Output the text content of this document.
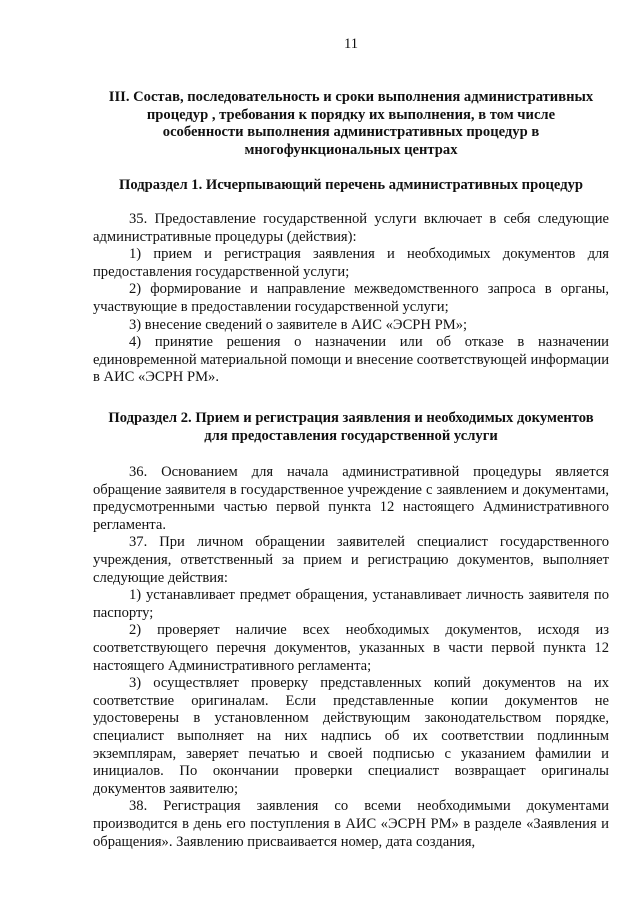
11
III. Состав, последовательность и сроки выполнения административных
процедур , требования к порядку их выполнения, в том числе
особенности выполнения административных процедур в
многофункциональных центрах
Подраздел 1. Исчерпывающий перечень административных процедур

35. Предоставление государственной услуги включает в себя следующие административные процедуры (действия):

1) прием и регистрация заявления и необходимых документов для предоставления государственной услуги;

2) формирование и направление межведомственного запроса в органы, участвующие в предоставлении государственной услуги;

3) внесение сведений о заявителе в АИС «ЭСРН РМ»;

4) принятие решения о назначении или об отказе в назначении единовременной материальной помощи и внесение соответствующей информации в АИС «ЭСРН РМ».

Подраздел 2. Прием и регистрация заявления и необходимых документов
для предоставления государственной услуги

36. Основанием для начала административной процедуры является обращение заявителя в государственное учреждение с заявлением и документами, предусмотренными частью первой пункта 12 настоящего Административного регламента.

37. При личном обращении заявителей специалист государственного учреждения, ответственный за прием и регистрацию документов, выполняет следующие действия:

1) устанавливает предмет обращения, устанавливает личность заявителя по паспорту;

2) проверяет наличие всех необходимых документов, исходя из соответствующего перечня документов, указанных в части первой пункта 12 настоящего Административного регламента;

3) осуществляет проверку представленных копий документов на их соответствие оригиналам. Если представленные копии документов не удостоверены в установленном действующим законодательством порядке, специалист выполняет на них надпись об их соответствии подлинным экземплярам, заверяет печатью и своей подписью с указанием фамилии и инициалов. По окончании проверки специалист возвращает оригиналы документов заявителю;

38. Регистрация заявления со всеми необходимыми документами производится в день его поступления в АИС «ЭСРН РМ» в разделе «Заявления и обращения». Заявлению присваивается номер, дата создания,
